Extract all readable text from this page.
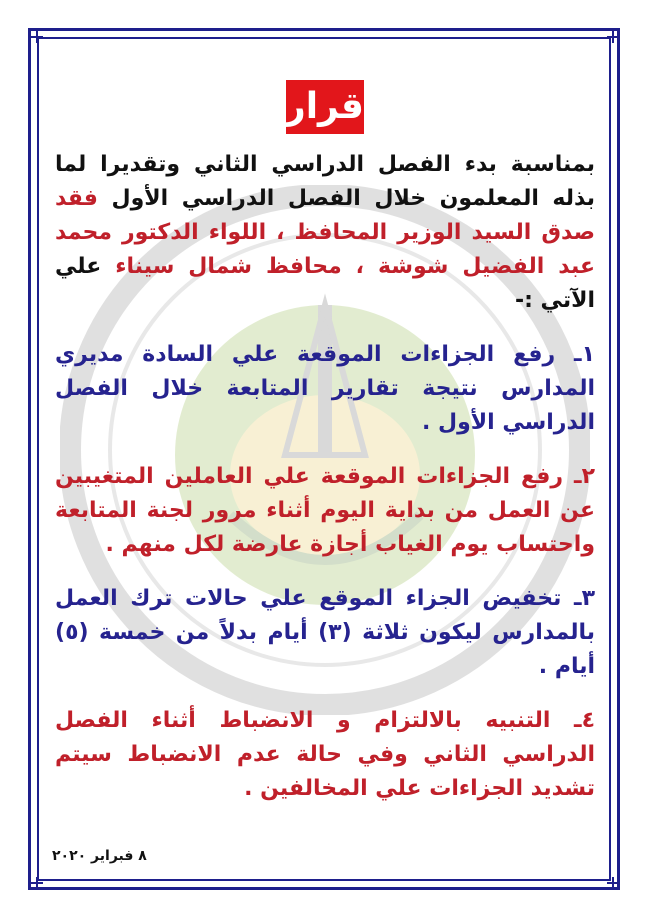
قرار

بمناسبة بدء الفصل الدراسي الثاني وتقديرا لما بذله المعلمون خلال الفصل الدراسي الأول فقد صدق السيد الوزير المحافظ ، اللواء الدكتور محمد عبد الفضيل شوشة ، محافظ شمال سيناء علي الآتي :-

١ـ رفع الجزاءات الموقعة علي السادة مديري المدارس نتيجة تقارير المتابعة خلال الفصل الدراسي الأول .

٢ـ رفع الجزاءات الموقعة علي العاملين المتغيبين عن العمل من بداية اليوم أثناء مرور لجنة المتابعة واحتساب يوم الغياب أجازة عارضة لكل منهم .

٣ـ تخفيض الجزاء الموقع علي حالات ترك العمل بالمدارس ليكون ثلاثة (٣) أيام بدلاً من خمسة (٥) أيام .

٤ـ التنبيه بالالتزام و الانضباط أثناء الفصل الدراسي الثاني وفي حالة عدم الانضباط سيتم تشديد الجزاءات علي المخالفين .

٨ فبراير ٢٠٢٠
